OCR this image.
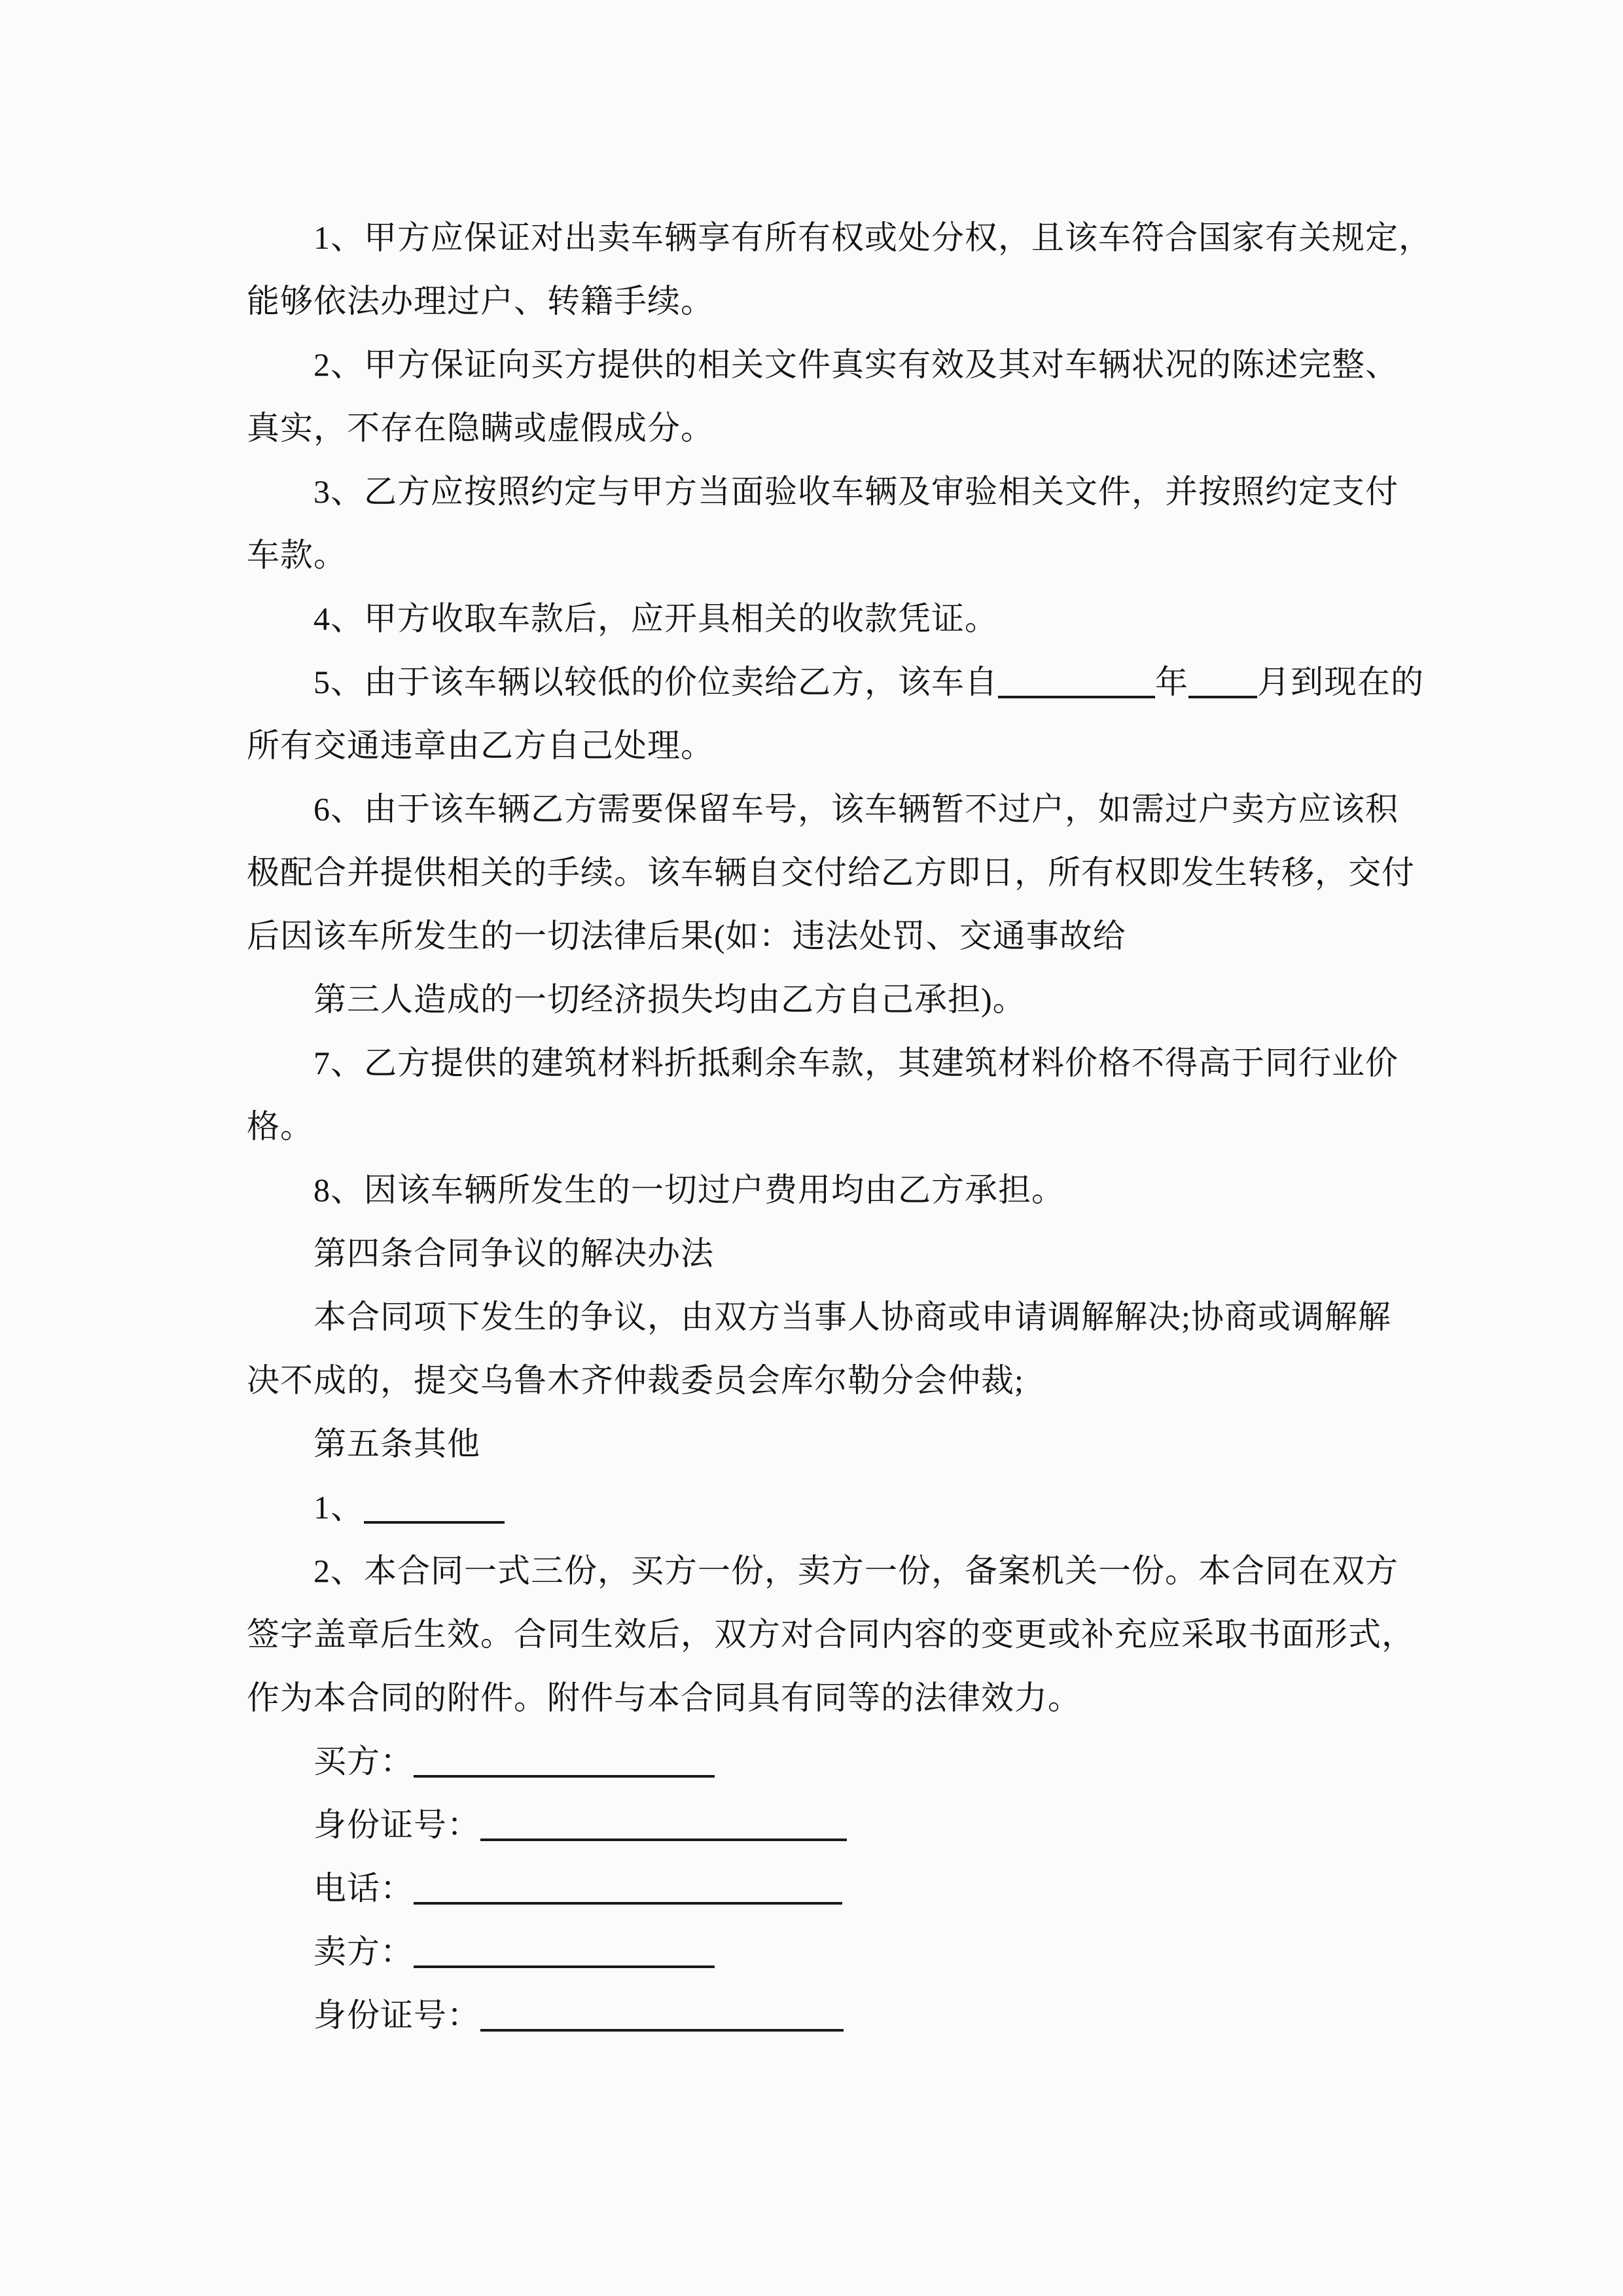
1、甲方应保证对出卖车辆享有所有权或处分权，且该车符合国家有关规定，
能够依法办理过户、转籍手续。
2、甲方保证向买方提供的相关文件真实有效及其对车辆状况的陈述完整、
真实，不存在隐瞒或虚假成分。
3、乙方应按照约定与甲方当面验收车辆及审验相关文件，并按照约定支付
车款。
4、甲方收取车款后，应开具相关的收款凭证。
5、由于该车辆以较低的价位卖给乙方，该车自	年 月到现在的
所有交通违章由乙方自己处理。
6、由于该车辆乙方需要保留车号，该车辆暂不过户，如需过户卖方应该积
极配合并提供相关的手续。该车辆自交付给乙方即日，所有权即发生转移，交付
后因该车所发生的一切法律后果(如：违法处罚、交通事故给
第三人造成的一切经济损失均由乙方自己承担)。
7、乙方提供的建筑材料折抵剩余车款，其建筑材料价格不得高于同行业价
格。
8、因该车辆所发生的一切过户费用均由乙方承担。
第四条合同争议的解决办法
本合同项下发生的争议，由双方当事人协商或申请调解解决;协商或调解解
决不成的，提交乌鲁木齐仲裁委员会库尔勒分会仲裁;
第五条其他
1、
2、本合同一式三份，买方一份，卖方一份，备案机关一份。本合同在双方
签字盖章后生效。合同生效后，双方对合同内容的变更或补充应采取书面形式，
作为本合同的附件。附件与本合同具有同等的法律效力。
买方：
身份证号：
电话：
卖方：
身份证号：
